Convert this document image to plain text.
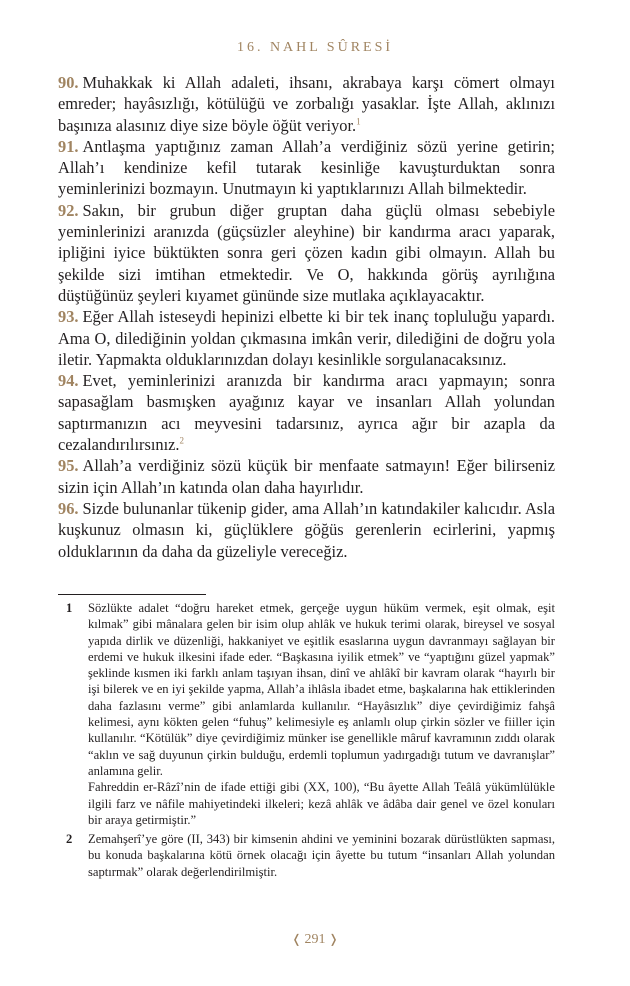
16. NAHL SÛRESİ

90. Muhakkak ki Allah adaleti, ihsanı, akrabaya karşı cömert olmayı emreder; hayâsızlığı, kötülüğü ve zorbalığı yasaklar. İşte Allah, aklınızı başınıza alasınız diye size böyle öğüt veriyor.$^1$

91. Antlaşma yaptığınız zaman Allah’a verdiğiniz sözü yerine getirin; Allah’ı kendinize kefil tutarak kesinliğe kavuşturduktan sonra yeminlerinizi bozmayın. Unutmayın ki yaptıklarınızı Allah bilmektedir.

92. Sakın, bir grubun diğer gruptan daha güçlü olması sebebiyle yeminlerinizi aranızda (güçsüzler aleyhine) bir kandırma aracı yaparak, ipliğini iyice büktükten sonra geri çözen kadın gibi olmayın. Allah bu şekilde sizi imtihan etmektedir. Ve O, hakkında görüş ayrılığına düştüğünüz şeyleri kıyamet gününde size mutlaka açıklayacaktır.

93. Eğer Allah isteseydi hepinizi elbette ki bir tek inanç topluluğu yapardı. Ama O, dilediğinin yoldan çıkmasına imkân verir, dilediğini de doğru yola iletir. Yapmakta olduklarınızdan dolayı kesinlikle sorgulanacaksınız.

94. Evet, yeminlerinizi aranızda bir kandırma aracı yapmayın; sonra sapasağlam basmışken ayağınız kayar ve insanları Allah yolundan saptırmanızın acı meyvesini tadarsınız, ayrıca ağır bir azapla da cezalandırılırsınız.$^2$

95. Allah’a verdiğiniz sözü küçük bir menfaate satmayın! Eğer bilirseniz sizin için Allah’ın katında olan daha hayırlıdır.

96. Sizde bulunanlar tükenip gider, ama Allah’ın katındakiler kalıcıdır. Asla kuşkunuz olmasın ki, güçlüklere göğüs gerenlerin ecirlerini, yapmış olduklarının da daha da güzeliyle vereceğiz.

1	Sözlükte adalet “doğru hareket etmek, gerçeğe uygun hüküm vermek, eşit olmak, eşit kılmak” gibi mânalara gelen bir isim olup ahlâk ve hukuk terimi olarak, bireysel ve sosyal yapıda dirlik ve düzenliği, hakkaniyet ve eşitlik esaslarına uygun davranmayı sağlayan bir erdemi ve hukuk ilkesini ifade eder. “Başkasına iyilik etmek” ve “yaptığını güzel yapmak” şeklinde kısmen iki farklı anlam taşıyan ihsan, dinî ve ahlâkî bir kavram olarak “hayırlı bir işi bilerek ve en iyi şekilde yapma, Allah’a ihlâsla ibadet etme, başkalarına hak ettiklerinden daha fazlasını verme” gibi anlamlarda kullanılır. “Hayâsızlık” diye çevirdiğimiz fahşâ kelimesi, aynı kökten gelen “fuhuş” kelimesiyle eş anlamlı olup çirkin sözler ve fiiller için kullanılır. “Kötülük” diye çevirdiğimiz münker ise genellikle mâruf kavramının zıddı olarak “aklın ve sağ duyunun çirkin bulduğu, erdemli toplumun yadırgadığı tutum ve davranışlar” anlamına gelir.

Fahreddin er-Râzî’nin de ifade ettiği gibi (XX, 100), “Bu âyette Allah Teâlâ yükümlülükle ilgili farz ve nâfile mahiyetindeki ilkeleri; kezâ ahlâk ve âdâba dair genel ve özel konuları bir araya getirmiştir.”

2	Zemahşerî’ye göre (II, 343) bir kimsenin ahdini ve yeminini bozarak dürüstlükten sapması, bu konuda başkalarına kötü örnek olacağı için âyette bu tutum “insanları Allah yolundan saptırmak” olarak değerlendirilmiştir.

❬ 291 ❭
